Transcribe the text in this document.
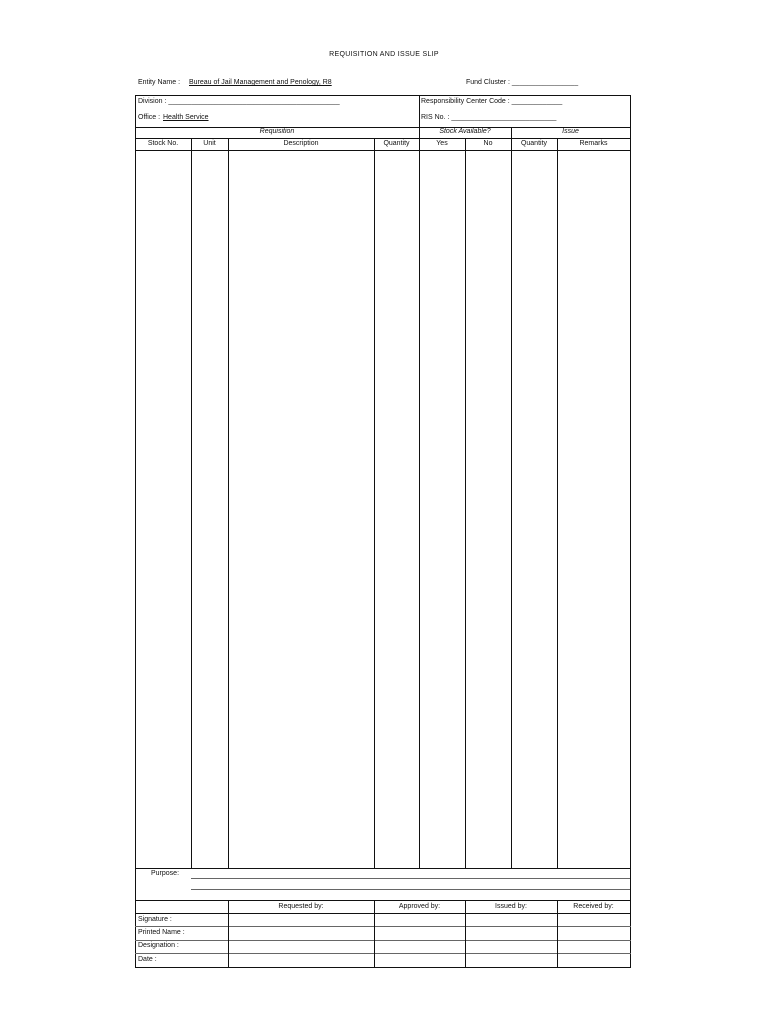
REQUISITION AND ISSUE SLIP
Entity Name : Bureau of Jail Management and Penology, R8	Fund Cluster : _________________
Division : ____________________________________________	Responsibility Center Code : _____________
Office : Health Service	RIS No. : ___________________________
Requisition	Stock Available?	Issue
Stock No.	Unit	Description	Quantity	Yes	No	Quantity	Remarks
Purpose:
Requested by:	Approved by:	Issued by:	Received by:
Signature :
Printed Name :
Designation :
Date :
